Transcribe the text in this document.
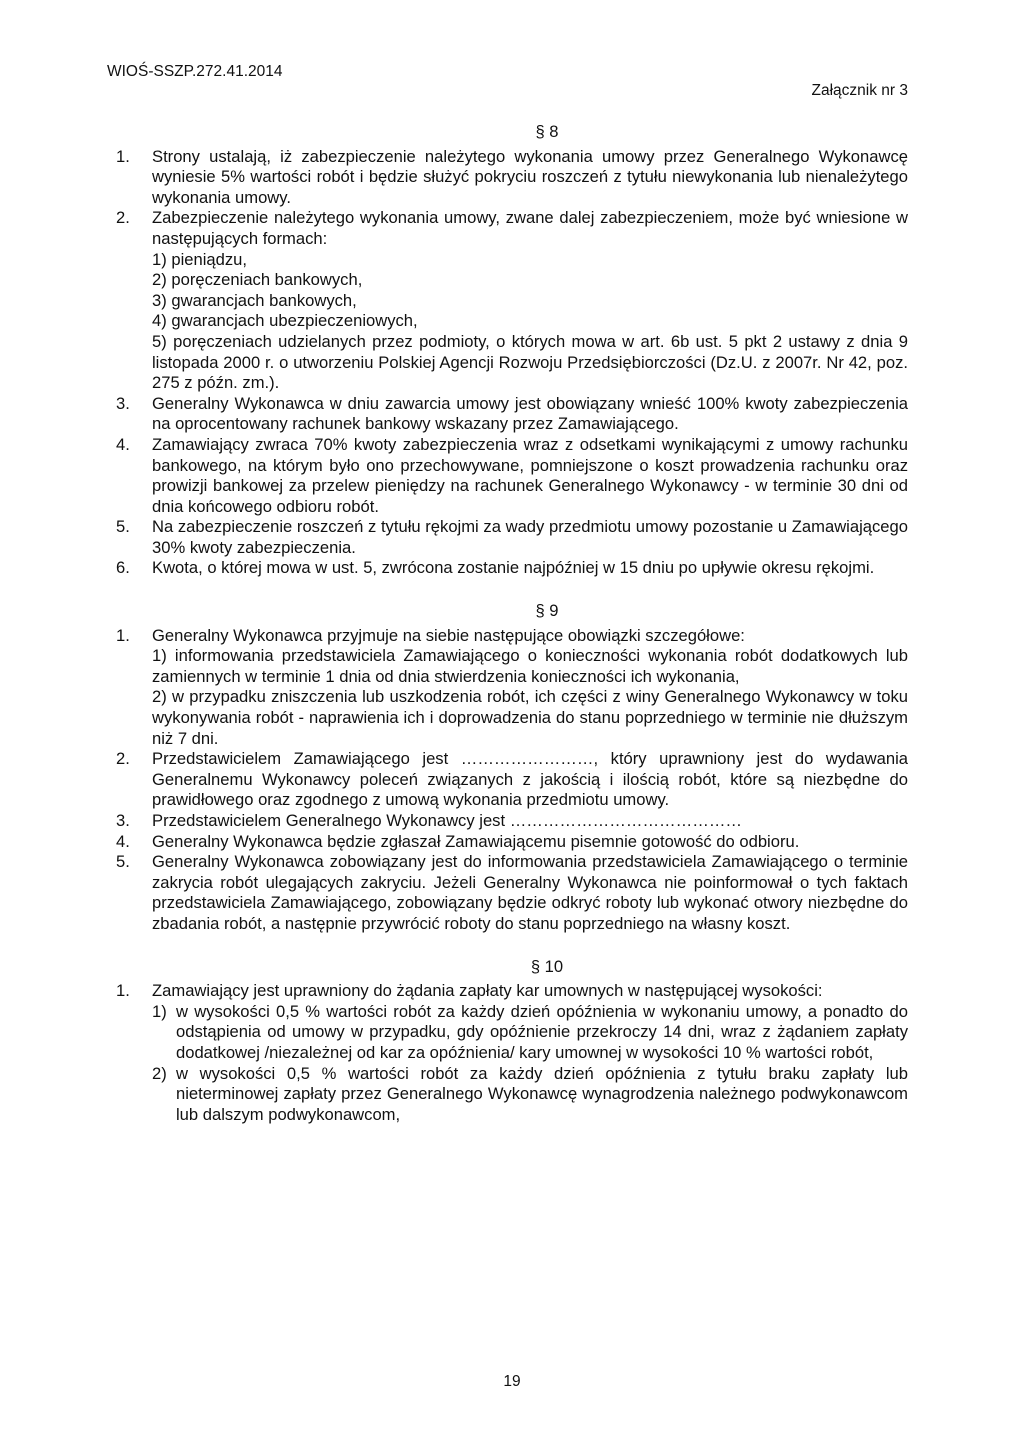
WIOŚ-SSZP.272.41.2014
Załącznik nr 3
§ 8
1. Strony ustalają, iż zabezpieczenie należytego wykonania umowy przez Generalnego Wykonawcę wyniesie 5% wartości robót i będzie służyć pokryciu roszczeń z tytułu niewykonania lub nienależytego wykonania umowy.
2. Zabezpieczenie należytego wykonania umowy, zwane dalej zabezpieczeniem, może być wniesione w następujących formach:
1) pieniądzu,
2) poręczeniach bankowych,
3) gwarancjach bankowych,
4) gwarancjach ubezpieczeniowych,
5) poręczeniach udzielanych przez podmioty, o których mowa w art. 6b ust. 5 pkt 2 ustawy z dnia 9 listopada 2000 r. o utworzeniu Polskiej Agencji Rozwoju Przedsiębiorczości (Dz.U. z 2007r. Nr 42, poz. 275 z późn. zm.).
3. Generalny Wykonawca w dniu zawarcia umowy jest obowiązany wnieść 100% kwoty zabezpieczenia na oprocentowany rachunek bankowy wskazany przez Zamawiającego.
4. Zamawiający zwraca 70% kwoty zabezpieczenia wraz z odsetkami wynikającymi z umowy rachunku bankowego, na którym było ono przechowywane, pomniejszone o koszt prowadzenia rachunku oraz prowizji bankowej za przelew pieniędzy na rachunek Generalnego Wykonawcy - w terminie 30 dni od dnia końcowego odbioru robót.
5. Na zabezpieczenie roszczeń z tytułu rękojmi za wady przedmiotu umowy pozostanie u Zamawiającego 30% kwoty zabezpieczenia.
6. Kwota, o której mowa w ust. 5, zwrócona zostanie najpóźniej w 15 dniu po upływie okresu rękojmi.
§ 9
1. Generalny Wykonawca przyjmuje na siebie następujące obowiązki szczegółowe:
1) informowania przedstawiciela Zamawiającego o konieczności wykonania robót dodatkowych lub zamiennych w terminie 1 dnia od dnia stwierdzenia konieczności ich wykonania,
2) w przypadku zniszczenia lub uszkodzenia robót, ich części z winy Generalnego Wykonawcy w toku wykonywania robót - naprawienia ich i doprowadzenia do stanu poprzedniego w terminie nie dłuższym niż 7 dni.
2. Przedstawicielem Zamawiającego jest ……………………, który uprawniony jest do wydawania Generalnemu Wykonawcy poleceń związanych z jakością i ilością robót, które są niezbędne do prawidłowego oraz zgodnego z umową wykonania przedmiotu umowy.
3. Przedstawicielem Generalnego Wykonawcy jest ……………………………………
4. Generalny Wykonawca będzie zgłaszał Zamawiającemu pisemnie gotowość do odbioru.
5. Generalny Wykonawca zobowiązany jest do informowania przedstawiciela Zamawiającego o terminie zakrycia robót ulegających zakryciu. Jeżeli Generalny Wykonawca nie poinformował o tych faktach przedstawiciela Zamawiającego, zobowiązany będzie odkryć roboty lub wykonać otwory niezbędne do zbadania robót, a następnie przywrócić roboty do stanu poprzedniego na własny koszt.
§ 10
1. Zamawiający jest uprawniony do żądania zapłaty kar umownych w następującej wysokości:
1) w wysokości 0,5 % wartości robót za każdy dzień opóźnienia w wykonaniu umowy, a ponadto do odstąpienia od umowy w przypadku, gdy opóźnienie przekroczy 14 dni, wraz z żądaniem zapłaty dodatkowej /niezależnej od kar za opóźnienia/ kary umownej w wysokości 10 % wartości robót,
2) w wysokości 0,5 % wartości robót za każdy dzień opóźnienia z tytułu braku zapłaty lub nieterminowej zapłaty przez Generalnego Wykonawcę wynagrodzenia należnego podwykonawcom lub dalszym podwykonawcom,
19
